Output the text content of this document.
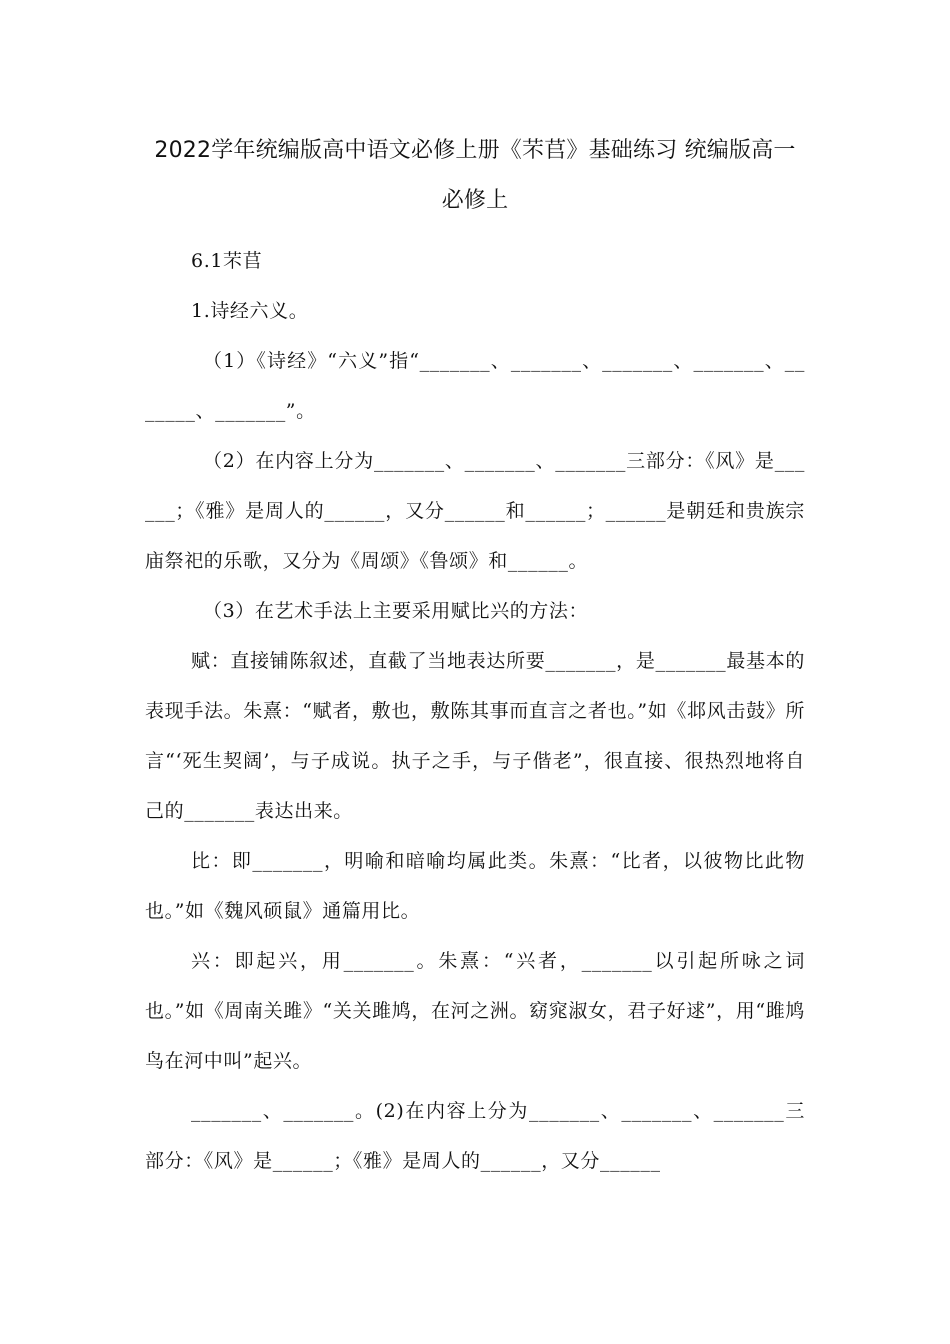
2022学年统编版高中语文必修上册《芣苢》基础练习 统编版高一必修上

6.1芣苢

1.诗经六义。

（1）《诗经》“六义”指“_______、_______、_______、_______、_______、_______”。

（2）在内容上分为_______、_______、_______三部分：《风》是______；《雅》是周人的______，又分______和______；______是朝廷和贵族宗庙祭祀的乐歌，又分为《周颂》《鲁颂》和______。

（3）在艺术手法上主要采用赋比兴的方法：

赋：直接铺陈叙述，直截了当地表达所要_______，是_______最基本的表现手法。朱熹：“赋者，敷也，敷陈其事而直言之者也。”如《邶风击鼓》所言“‘死生契阔’，与子成说。执子之手，与子偕老”，很直接、很热烈地将自己的_______表达出来。

比：即_______，明喻和暗喻均属此类。朱熹：“比者，以彼物比此物也。”如《魏风硕鼠》通篇用比。

兴：即起兴，用_______。朱熹：“兴者，_______以引起所咏之词也。”如《周南关雎》“关关雎鸠，在河之洲。窈窕淑女，君子好逑”，用“雎鸠鸟在河中叫”起兴。

_______、_______。(2)在内容上分为_______、_______、_______三部分：《风》是______；《雅》是周人的______，又分______
